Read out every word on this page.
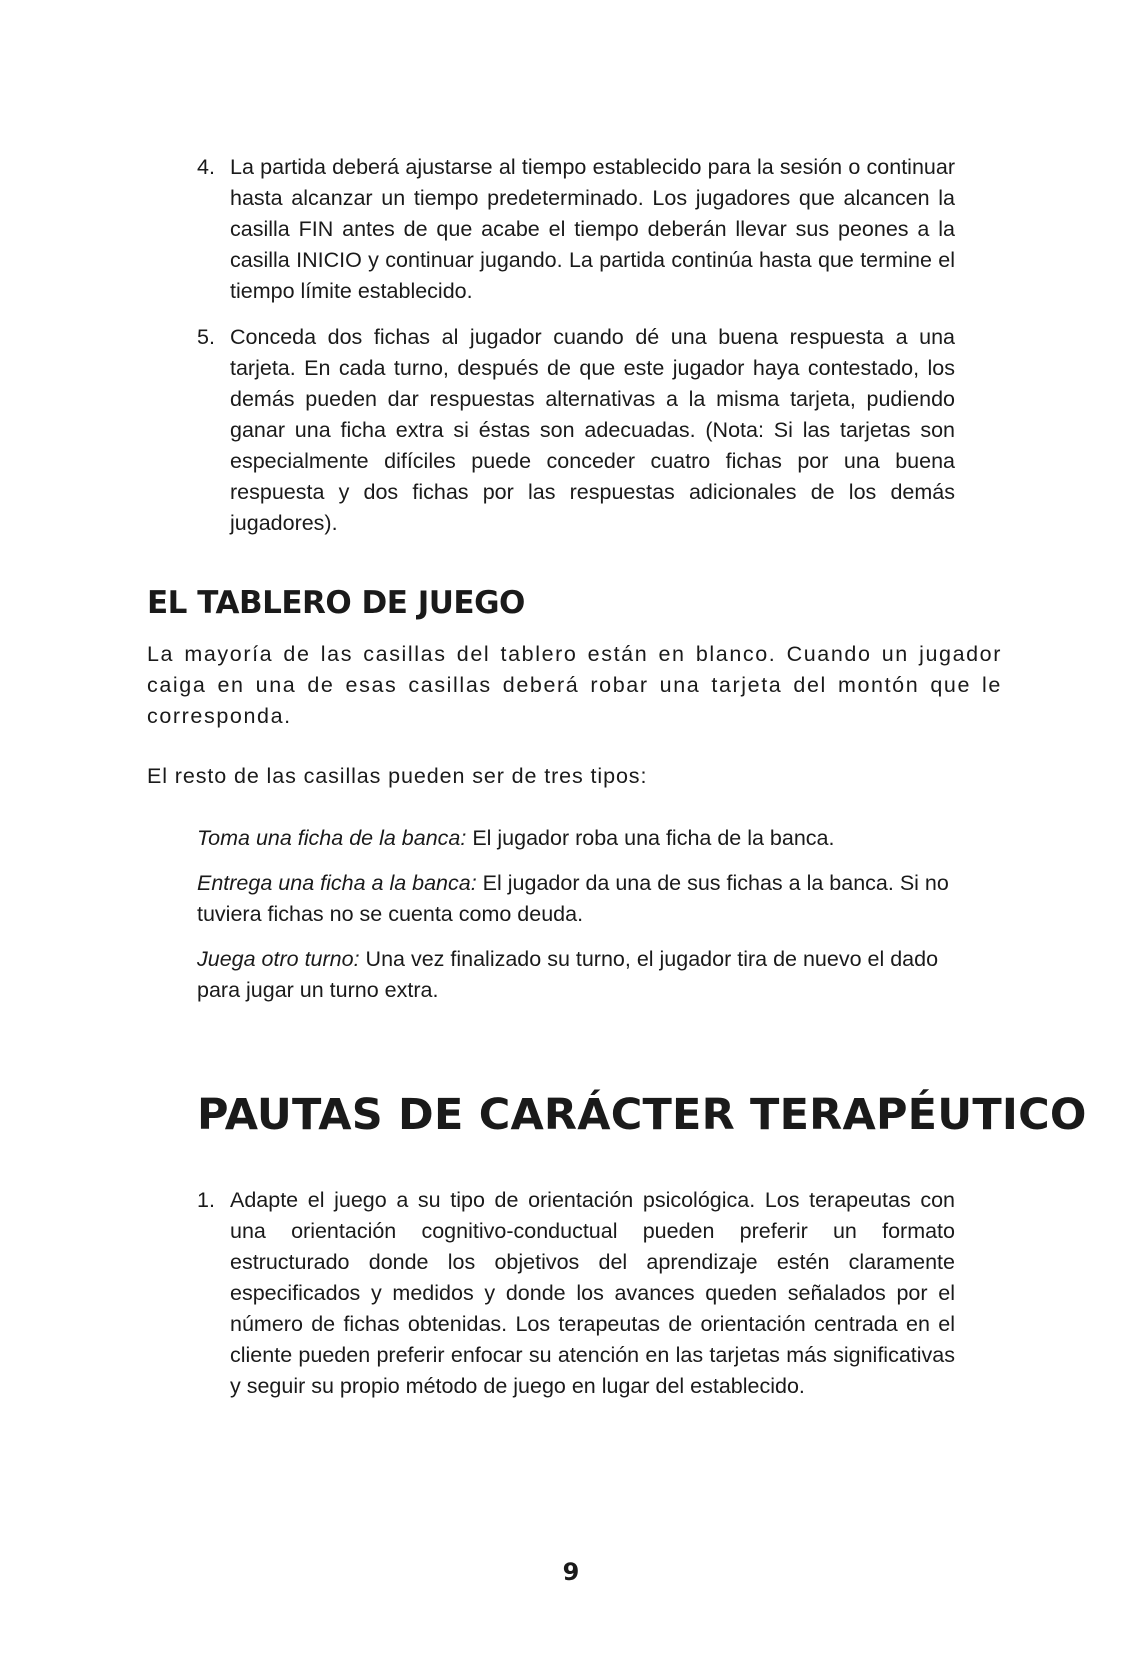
4. La partida deberá ajustarse al tiempo establecido para la sesión o continuar hasta alcanzar un tiempo predeterminado. Los jugadores que alcancen la casilla FIN antes de que acabe el tiempo deberán llevar sus peones a la casilla INICIO y continuar jugando. La partida continúa hasta que termine el tiempo límite establecido.
5. Conceda dos fichas al jugador cuando dé una buena respuesta a una tarjeta. En cada turno, después de que este jugador haya contestado, los demás pueden dar respuestas alternativas a la misma tarjeta, pudiendo ganar una ficha extra si éstas son adecuadas. (Nota: Si las tarjetas son especialmente difíciles puede conceder cuatro fichas por una buena respuesta y dos fichas por las respuestas adicionales de los demás jugadores).
EL TABLERO DE JUEGO

La mayoría de las casillas del tablero están en blanco. Cuando un jugador caiga en una de esas casillas deberá robar una tarjeta del montón que le corresponda.

El resto de las casillas pueden ser de tres tipos:

Toma una ficha de la banca: El jugador roba una ficha de la banca.

Entrega una ficha a la banca: El jugador da una de sus fichas a la banca. Si no tuviera fichas no se cuenta como deuda.

Juega otro turno: Una vez finalizado su turno, el jugador tira de nuevo el dado para jugar un turno extra.

PAUTAS DE CARÁCTER TERAPÉUTICO
1. Adapte el juego a su tipo de orientación psicológica. Los terapeutas con una orientación cognitivo-conductual pueden preferir un formato estructurado donde los objetivos del aprendizaje estén claramente especificados y medidos y donde los avances queden señalados por el número de fichas obtenidas. Los terapeutas de orientación centrada en el cliente pueden preferir enfocar su atención en las tarjetas más significativas y seguir su propio método de juego en lugar del establecido.
9
